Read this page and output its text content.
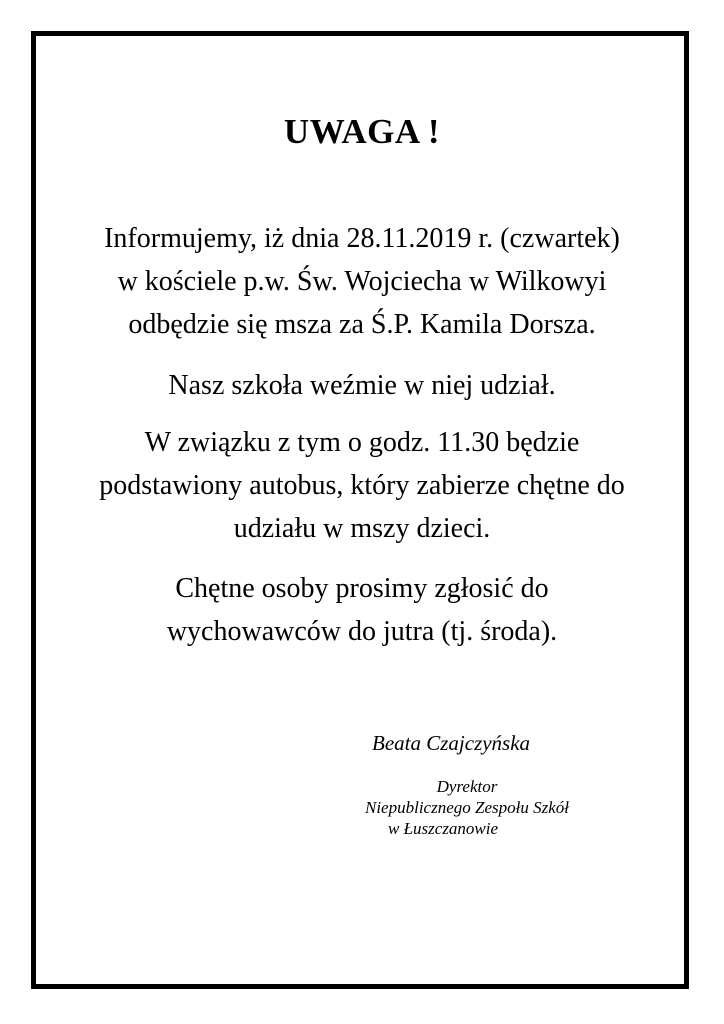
UWAGA !

Informujemy, iż dnia 28.11.2019 r. (czwartek)
w kościele p.w. Św. Wojciecha w Wilkowyi
odbędzie się msza za Ś.P. Kamila Dorsza.

Nasz szkoła weźmie w niej udział.

W związku z tym o godz. 11.30 będzie
podstawiony autobus, który zabierze chętne do
udziału w mszy dzieci.

Chętne osoby prosimy zgłosić do
wychowawców do jutra (tj. środa).

Beata Czajczyńska
Dyrektor
Niepublicznego Zespołu Szkół
w Łuszczanowie
